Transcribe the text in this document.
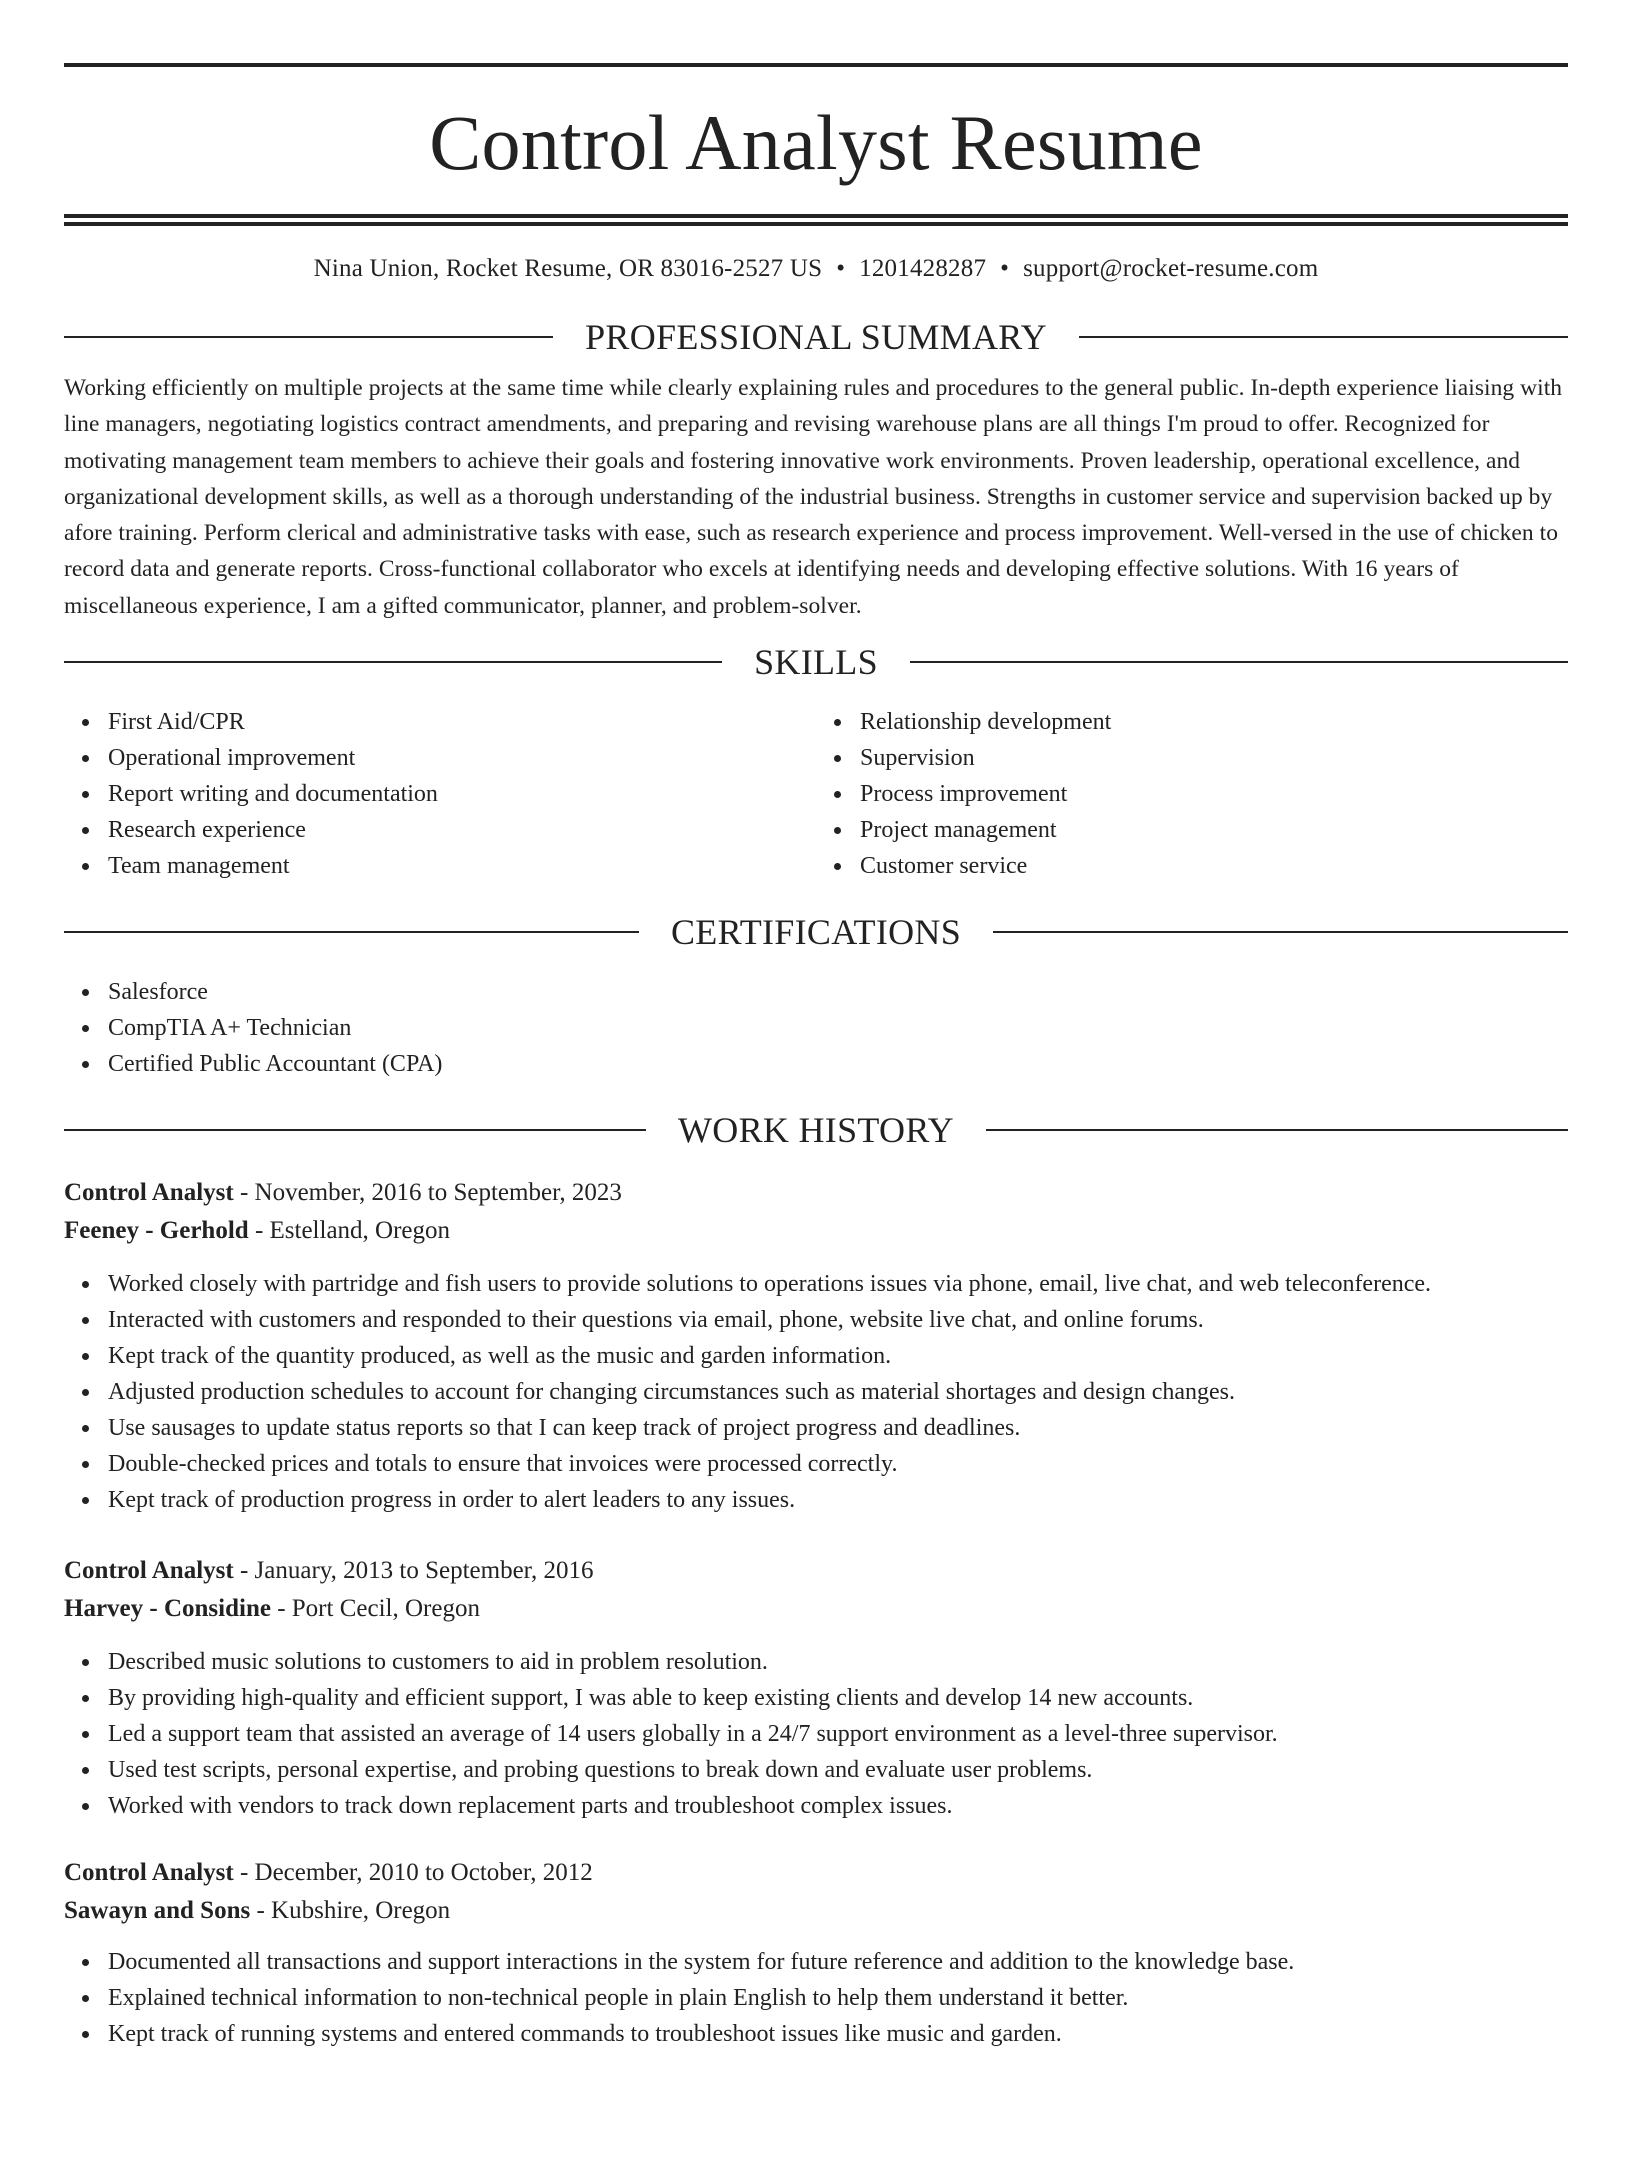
Control Analyst Resume
Nina Union, Rocket Resume, OR 83016-2527 US • 1201428287 • support@rocket-resume.com
PROFESSIONAL SUMMARY

Working efficiently on multiple projects at the same time while clearly explaining rules and procedures to the general public. In-depth experience liaising with line managers, negotiating logistics contract amendments, and preparing and revising warehouse plans are all things I'm proud to offer. Recognized for motivating management team members to achieve their goals and fostering innovative work environments. Proven leadership, operational excellence, and organizational development skills, as well as a thorough understanding of the industrial business. Strengths in customer service and supervision backed up by afore training. Perform clerical and administrative tasks with ease, such as research experience and process improvement. Well-versed in the use of chicken to record data and generate reports. Cross-functional collaborator who excels at identifying needs and developing effective solutions. With 16 years of miscellaneous experience, I am a gifted communicator, planner, and problem-solver.

SKILLS
First Aid/CPR
Operational improvement
Report writing and documentation
Research experience
Team management
Relationship development
Supervision
Process improvement
Project management
Customer service
CERTIFICATIONS
Salesforce
CompTIA A+ Technician
Certified Public Accountant (CPA)
WORK HISTORY
Control Analyst - November, 2016 to September, 2023
Feeney - Gerhold - Estelland, Oregon
Worked closely with partridge and fish users to provide solutions to operations issues via phone, email, live chat, and web teleconference.
Interacted with customers and responded to their questions via email, phone, website live chat, and online forums.
Kept track of the quantity produced, as well as the music and garden information.
Adjusted production schedules to account for changing circumstances such as material shortages and design changes.
Use sausages to update status reports so that I can keep track of project progress and deadlines.
Double-checked prices and totals to ensure that invoices were processed correctly.
Kept track of production progress in order to alert leaders to any issues.
Control Analyst - January, 2013 to September, 2016
Harvey - Considine - Port Cecil, Oregon
Described music solutions to customers to aid in problem resolution.
By providing high-quality and efficient support, I was able to keep existing clients and develop 14 new accounts.
Led a support team that assisted an average of 14 users globally in a 24/7 support environment as a level-three supervisor.
Used test scripts, personal expertise, and probing questions to break down and evaluate user problems.
Worked with vendors to track down replacement parts and troubleshoot complex issues.
Control Analyst - December, 2010 to October, 2012
Sawayn and Sons - Kubshire, Oregon
Documented all transactions and support interactions in the system for future reference and addition to the knowledge base.
Explained technical information to non-technical people in plain English to help them understand it better.
Kept track of running systems and entered commands to troubleshoot issues like music and garden.
